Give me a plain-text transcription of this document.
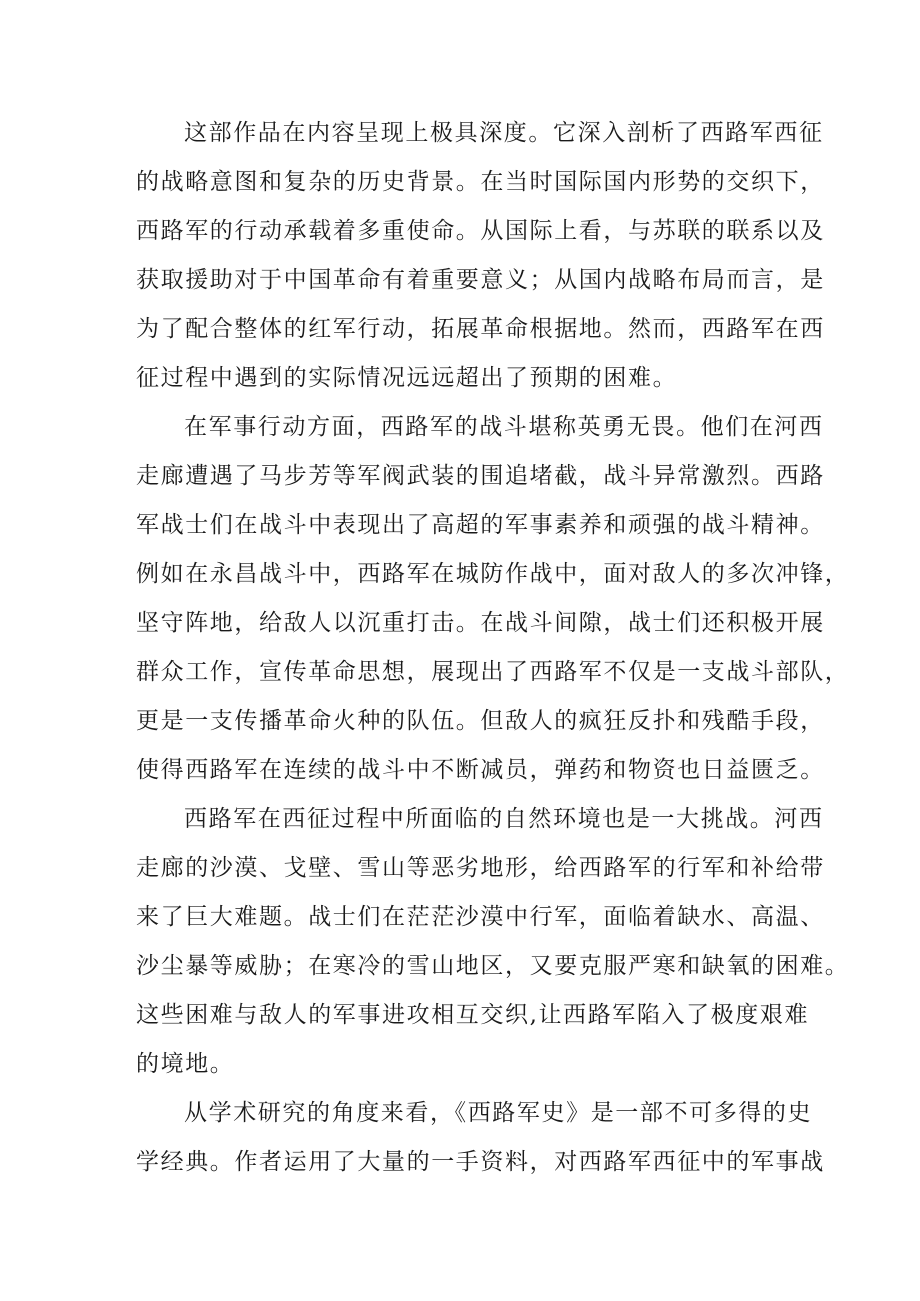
这部作品在内容呈现上极具深度。它深入剖析了西路军西征
的战略意图和复杂的历史背景。在当时国际国内形势的交织下，
西路军的行动承载着多重使命。从国际上看，与苏联的联系以及
获取援助对于中国革命有着重要意义；从国内战略布局而言，是
为了配合整体的红军行动，拓展革命根据地。然而，西路军在西
征过程中遇到的实际情况远远超出了预期的困难。
在军事行动方面，西路军的战斗堪称英勇无畏。他们在河西
走廊遭遇了马步芳等军阀武装的围追堵截，战斗异常激烈。西路
军战士们在战斗中表现出了高超的军事素养和顽强的战斗精神。
例如在永昌战斗中，西路军在城防作战中，面对敌人的多次冲锋，
坚守阵地，给敌人以沉重打击。在战斗间隙，战士们还积极开展
群众工作，宣传革命思想，展现出了西路军不仅是一支战斗部队，
更是一支传播革命火种的队伍。但敌人的疯狂反扑和残酷手段，
使得西路军在连续的战斗中不断减员，弹药和物资也日益匮乏。
西路军在西征过程中所面临的自然环境也是一大挑战。河西
走廊的沙漠、戈壁、雪山等恶劣地形，给西路军的行军和补给带
来了巨大难题。战士们在茫茫沙漠中行军，面临着缺水、高温、
沙尘暴等威胁；在寒冷的雪山地区，又要克服严寒和缺氧的困难。
这些困难与敌人的军事进攻相互交织,让西路军陷入了极度艰难
的境地。
从学术研究的角度来看，《西路军史》是一部不可多得的史
学经典。作者运用了大量的一手资料，对西路军西征中的军事战
